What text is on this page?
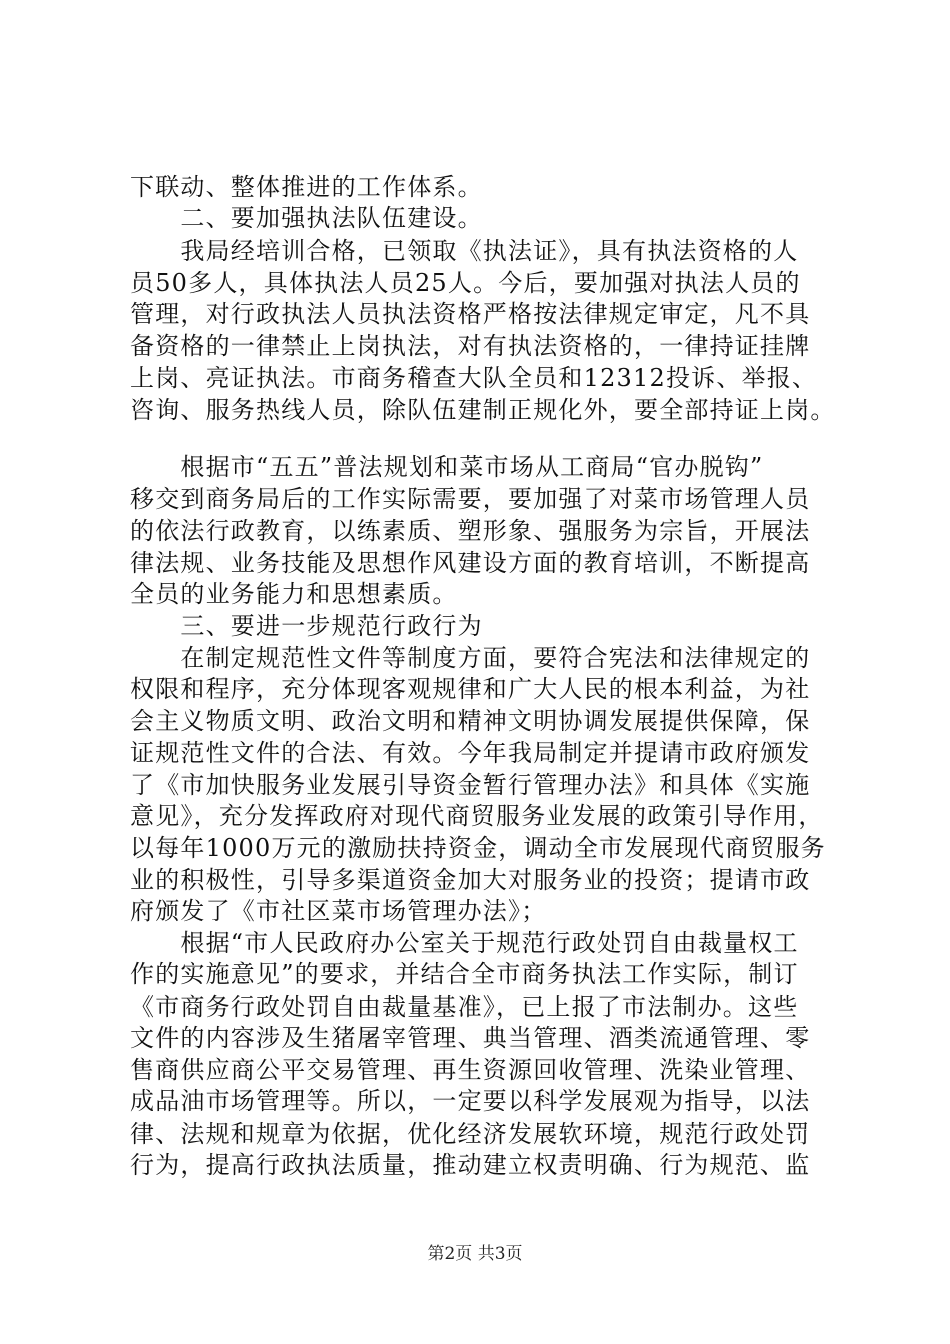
下联动、整体推进的工作体系。
　　二、要加强执法队伍建设。
　　我局经培训合格，已领取《执法证》，具有执法资格的人
员50多人，具体执法人员25人。今后，要加强对执法人员的
管理，对行政执法人员执法资格严格按法律规定审定，凡不具
备资格的一律禁止上岗执法，对有执法资格的，一律持证挂牌
上岗、亮证执法。市商务稽查大队全员和12312投诉、举报、
咨询、服务热线人员，除队伍建制正规化外，要全部持证上岗。
　　根据市“五五”普法规划和菜市场从工商局“官办脱钩”
移交到商务局后的工作实际需要，要加强了对菜市场管理人员
的依法行政教育，以练素质、塑形象、强服务为宗旨，开展法
律法规、业务技能及思想作风建设方面的教育培训，不断提高
全员的业务能力和思想素质。
　　三、要进一步规范行政行为
　　在制定规范性文件等制度方面，要符合宪法和法律规定的
权限和程序，充分体现客观规律和广大人民的根本利益，为社
会主义物质文明、政治文明和精神文明协调发展提供保障，保
证规范性文件的合法、有效。今年我局制定并提请市政府颁发
了《市加快服务业发展引导资金暂行管理办法》和具体《实施
意见》，充分发挥政府对现代商贸服务业发展的政策引导作用，
以每年1000万元的激励扶持资金，调动全市发展现代商贸服务
业的积极性，引导多渠道资金加大对服务业的投资；提请市政
府颁发了《市社区菜市场管理办法》；
　　根据“市人民政府办公室关于规范行政处罚自由裁量权工
作的实施意见”的要求，并结合全市商务执法工作实际，制订
《市商务行政处罚自由裁量基准》，已上报了市法制办。这些
文件的内容涉及生猪屠宰管理、典当管理、酒类流通管理、零
售商供应商公平交易管理、再生资源回收管理、洗染业管理、
成品油市场管理等。所以，一定要以科学发展观为指导，以法
律、法规和规章为依据，优化经济发展软环境，规范行政处罚
行为，提高行政执法质量，推动建立权责明确、行为规范、监
第2页 共3页
